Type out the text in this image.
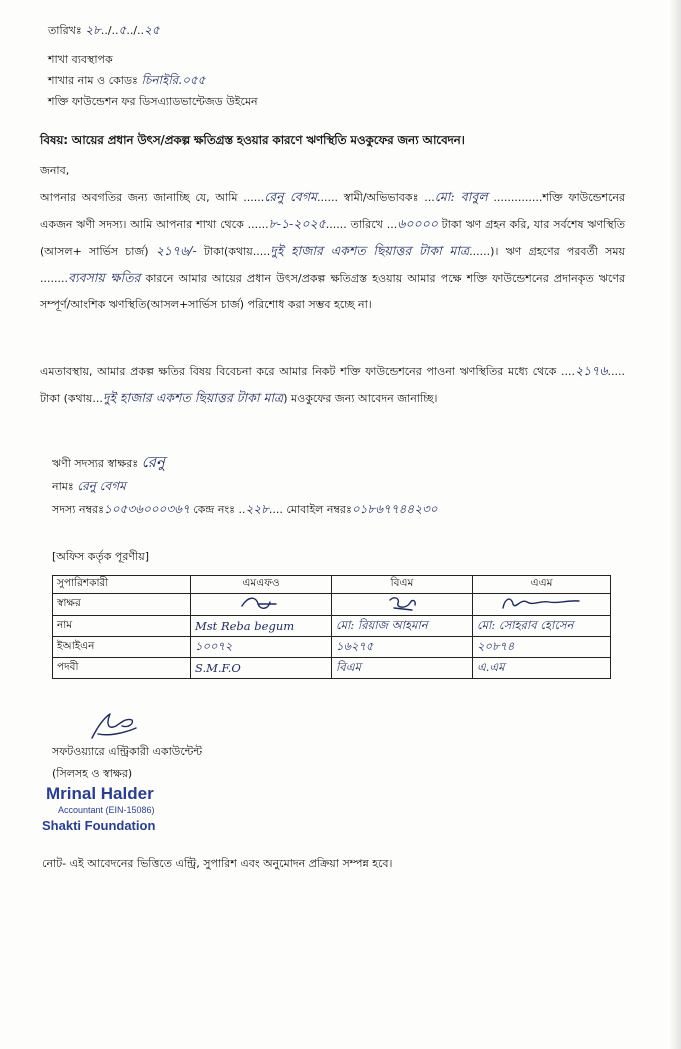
তারিখঃ ২৮../..৫../..২৫
শাখা ব্যবস্থাপক
শাখার নাম ও কোডঃ চিনাইরি.০৫৫
শক্তি ফাউন্ডেশন ফর ডিসএ্যাডভান্টেজড উইমেন
বিষয়: আয়ের প্রধান উৎস/প্রকল্প ক্ষতিগ্রস্ত হওয়ার কারণে ঋণস্থিতি মওকুফের জন্য আবেদন।
জনাব,
আপনার অবগতির জন্য জানাচ্ছি যে, আমি ......রেনু বেগম...... স্বামী/অভিভাবকঃ ...মো: বাবুল ..............শক্তি ফাউন্ডেশনের একজন ঋণী সদস্য। আমি আপনার শাখা থেকে ......৮-১-২০২৫...... তারিখে ...৬০০০০ টাকা ঋণ গ্রহন করি, যার সর্বশেষ ঋণস্থিতি (আসল+ সার্ভিস চার্জ) ২১৭৬/- টাকা(কথায়.....দুই হাজার একশত ছিয়াত্তর টাকা মাত্র......)। ঋণ গ্রহণের পরবর্তী সময় ........ব্যবসায় ক্ষতির কারনে আমার আয়ের প্রধান উৎস/প্রকল্প ক্ষতিগ্রস্ত হওয়ায় আমার পক্ষে শক্তি ফাউন্ডেশনের প্রদানকৃত ঋণের সম্পূর্ণ/আংশিক ঋণস্থিতি(আসল+সার্ভিস চার্জ) পরিশোধ করা সম্ভব হচ্ছে না।
এমতাবস্থায়, আমার প্রকল্প ক্ষতির বিষয় বিবেচনা করে আমার নিকট শক্তি ফাউন্ডেশনের পাওনা ঋণস্থিতির মধ্যে থেকে ....২১৭৬..... টাকা (কথায়...দুই হাজার একশত ছিয়াত্তর টাকা মাত্র) মওকুফের জন্য আবেদন জানাচ্ছি।
ঋণী সদস্যর স্বাক্ষরঃ রেনু
নামঃ রেনু বেগম
সদস্য নম্বরঃ১০৫৩৬০০০৩৬৭ কেন্দ্র নংঃ ..২২৮.... মোবাইল নম্বরঃ০১৮৬৭৭৪৪২৩০
[অফিস কর্তৃক পূরণীয়]
সুপারিশকারী	এমএফও	বিএম	এএম
স্বাক্ষর			
নাম	Mst Reba begum	মো: রিয়াজ আহমান	মো: সোহরাব হোসেন
ইআইএন	১০০৭২	১৬২৭৫	২০৮৭৪
পদবী	S.M.F.O	বিএম	এ.এম
সফটওয়্যারে এন্ট্রিকারী একাউন্টেন্ট
(সিলসহ ও স্বাক্ষর)
Mrinal Halder
Accountant (EIN-15086)
Shakti Foundation
নোট- এই আবেদনের ভিত্তিতে এন্ট্রি, সুপারিশ এবং অনুমোদন প্রক্রিয়া সম্পন্ন হবে।
